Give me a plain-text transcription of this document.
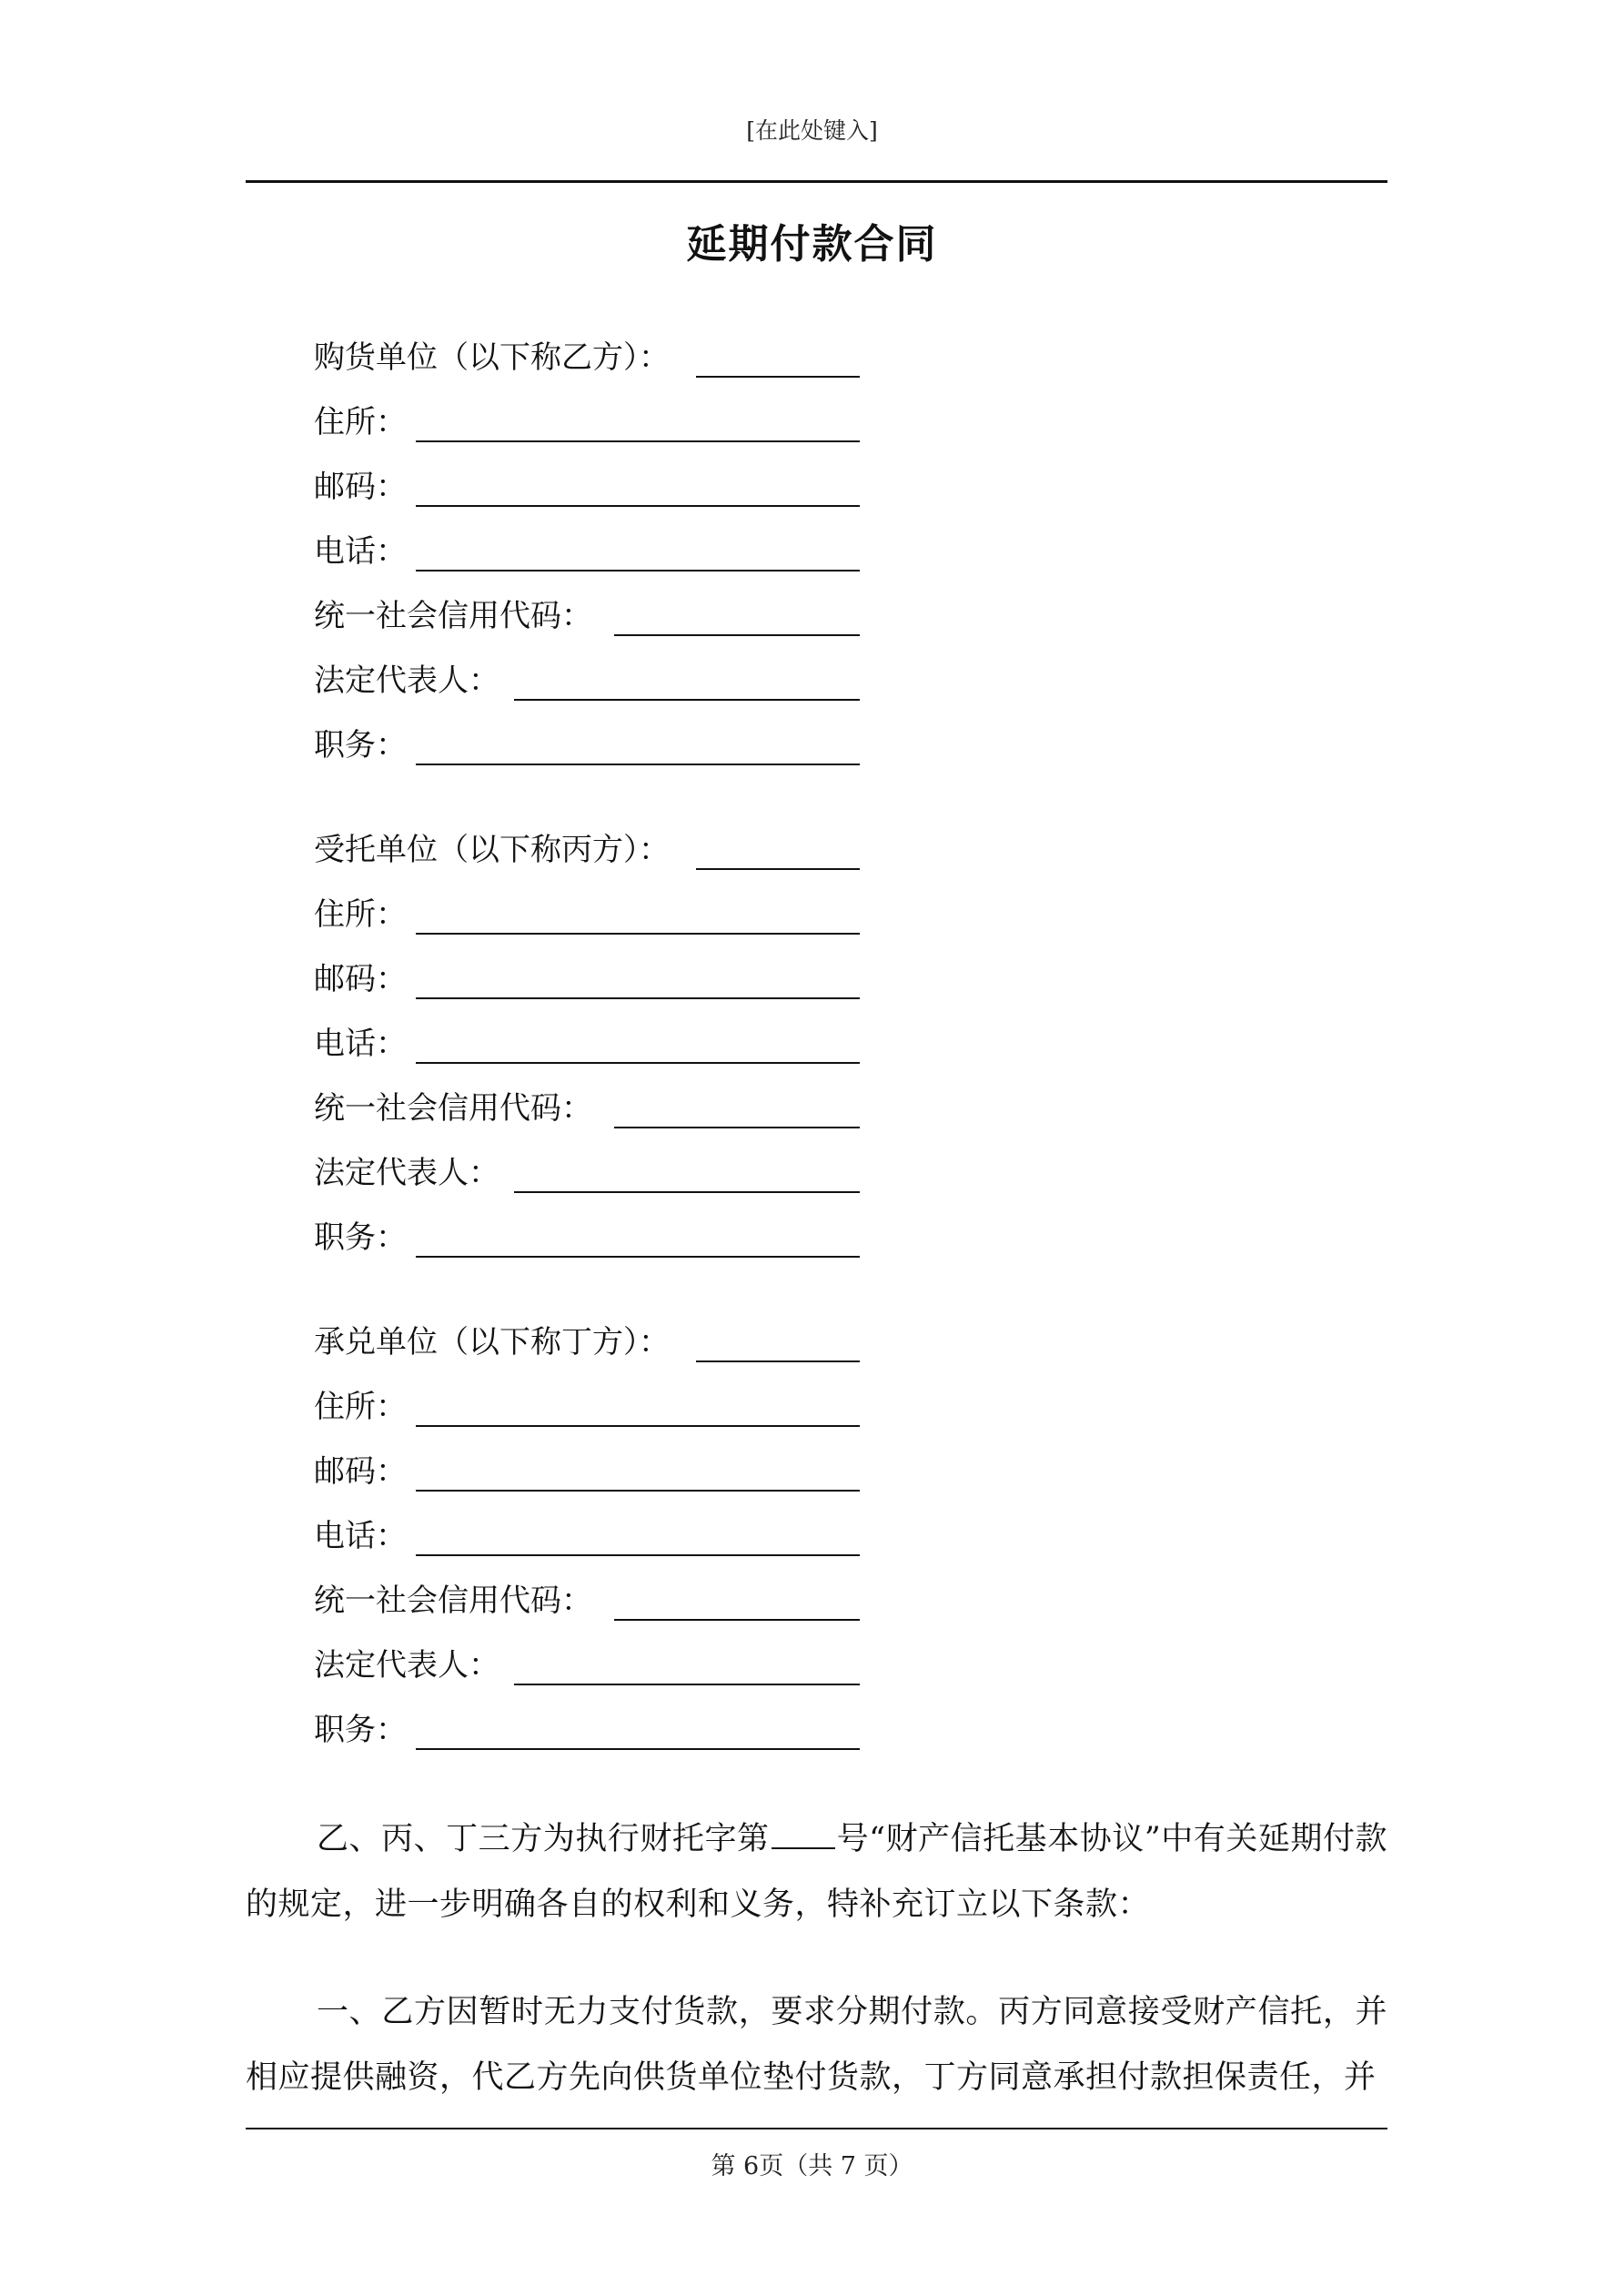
[在此处键入]
延期付款合同
购货单位（以下称乙方）：
住所：
邮码：
电话：
统一社会信用代码：
法定代表人：
职务：
受托单位（以下称丙方）：
住所：
邮码：
电话：
统一社会信用代码：
法定代表人：
职务：
承兑单位（以下称丁方）：
住所：
邮码：
电话：
统一社会信用代码：
法定代表人：
职务：
乙、丙、丁三方为执行财托字第 号“财产信托基本协议”中有关延期付款的规定，进一步明确各自的权利和义务，特补充订立以下条款：
一、乙方因暂时无力支付货款，要求分期付款。丙方同意接受财产信托，并相应提供融资，代乙方先向供货单位垫付货款，丁方同意承担付款担保责任，并
第 6页（共 7 页）
